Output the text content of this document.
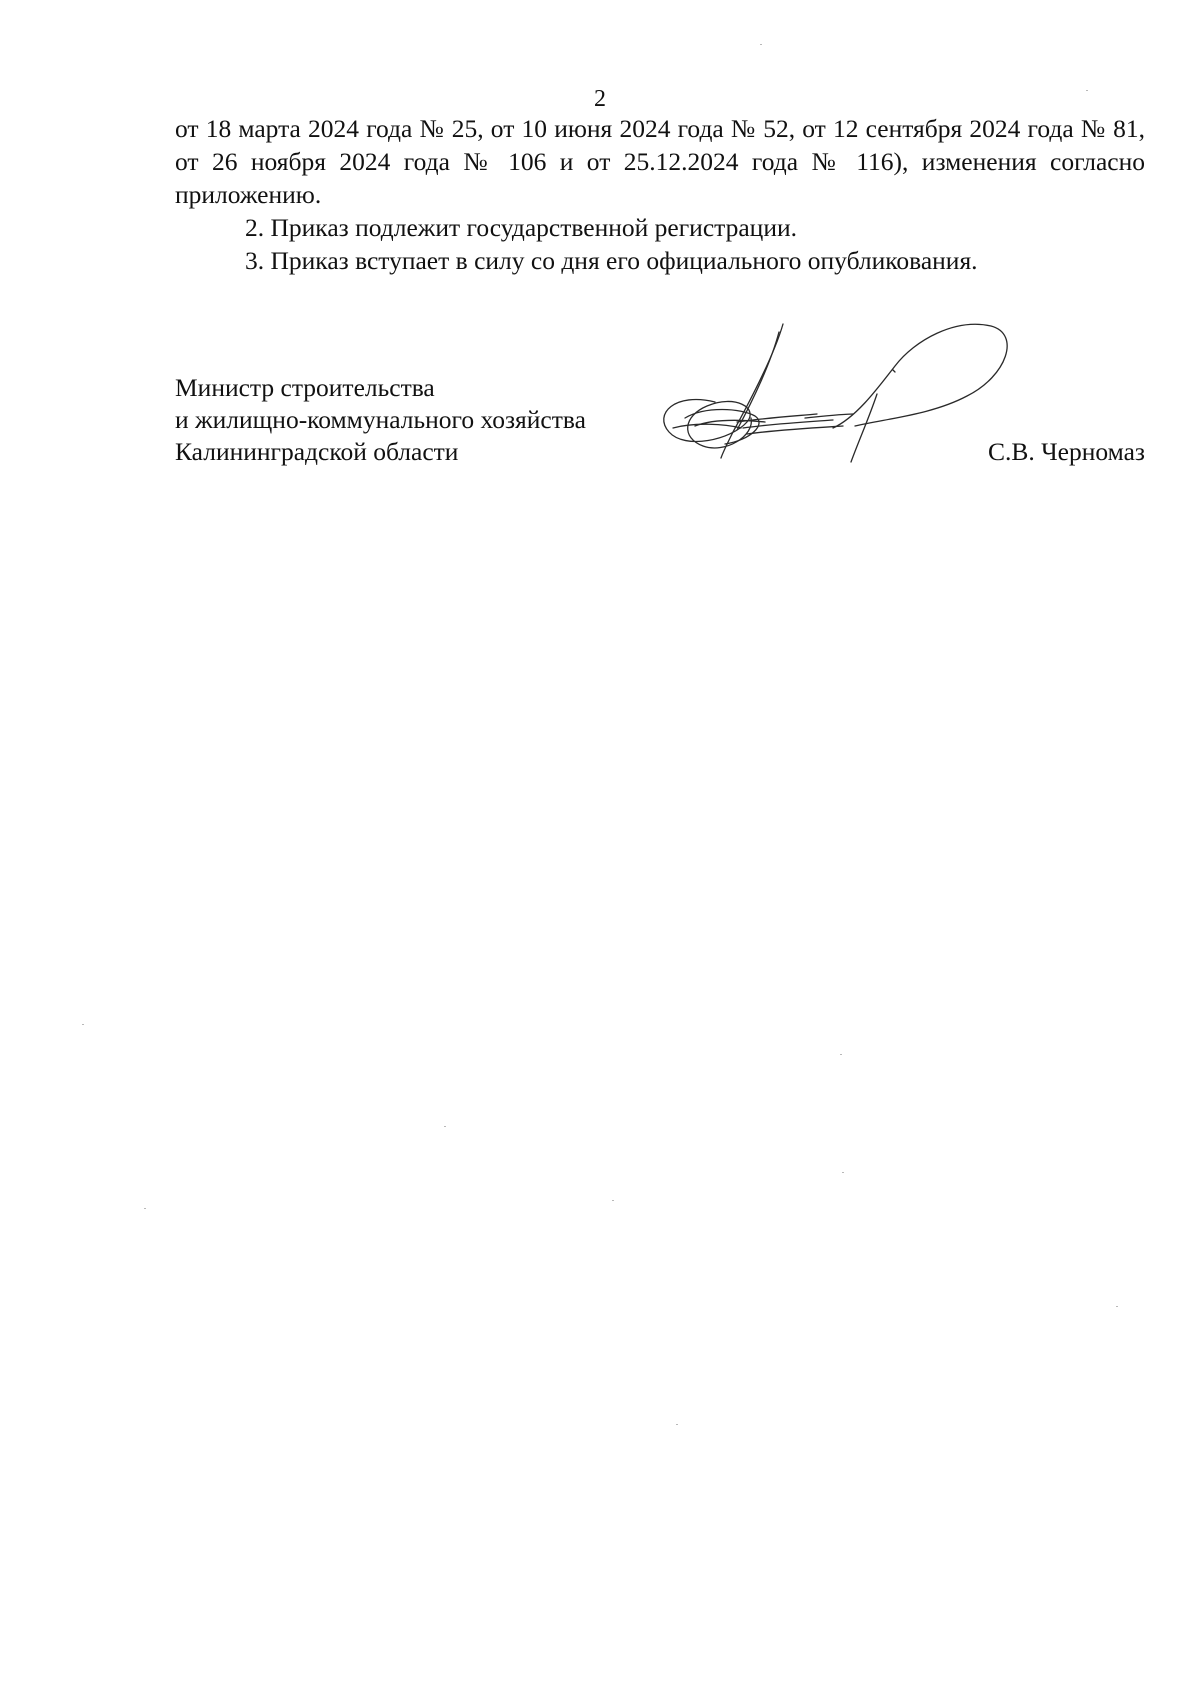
2

от 18 марта 2024 года № 25, от 10 июня 2024 года № 52, от 12 сентября 2024 года № 81, от 26 ноября 2024 года № 106 и от 25.12.2024 года № 116), изменения согласно приложению.

2. Приказ подлежит государственной регистрации.

3. Приказ вступает в силу со дня его официального опубликования.

Министр строительства
и жилищно-коммунального хозяйства
Калининградской области	С.В. Черномаз
